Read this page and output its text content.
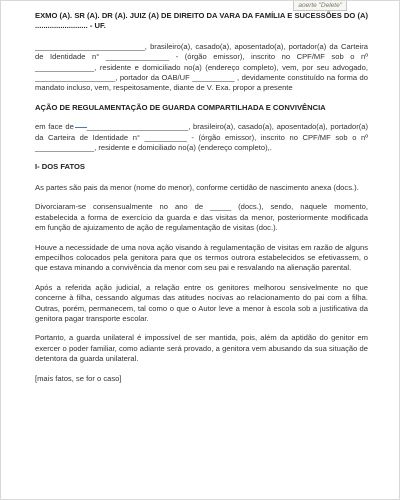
aoerte "Delete"

EXMO (A). SR (A). DR (A). JUIZ (A) DE DIREITO DA VARA DA FAMÍLIA E SUCESSÕES DO (A) ......................... - UF.

__________________________, brasileiro(a), casado(a), aposentado(a), portador(a) da Carteira de Identidade n° _______________ - (órgão emissor), inscrito no CPF/MF sob o nº ______________, residente e domiciliado no(a) (endereço completo), vem, por seu advogado, ___________________, portador da OAB/UF __________ , devidamente constituído na forma do mandato incluso, vem, respeitosamente, diante de V. Exa. propor a presente

AÇÃO DE REGULAMENTAÇÃO DE GUARDA COMPARTILHADA E CONVIVÊNCIA

em face de ________________________, brasileiro(a), casado(a), aposentado(a), portador(a) da Carteira de Identidade n° __________ - (órgão emissor), inscrito no CPF/MF sob o nº ______________, residente e domiciliado no(a) (endereço completo),.

I- DOS FATOS

As partes são pais da menor (nome do menor), conforme certidão de nascimento anexa (docs.).

Divorciaram-se consensualmente no ano de _____ (docs.), sendo, naquele momento, estabelecida a forma de exercício da guarda e das visitas da menor, posteriormente modificada em função de ajuizamento de ação de regulamentação de visitas (doc.).

Houve a necessidade de uma nova ação visando à regulamentação de visitas em razão de alguns empecilhos colocados pela genitora para que os termos outrora estabelecidos se efetivassem, o que estava minando a convivência da menor com seu pai e resvalando na alienação parental.

Após a referida ação judicial, a relação entre os genitores melhorou sensivelmente no que concerne à filha, cessando algumas das atitudes nocivas ao relacionamento do pai com a filha. Outras, porém, permanecem, tal como o que o Autor leve a menor à escola sob a justificativa da genitora pagar transporte escolar.

Portanto, a guarda unilateral é impossível de ser mantida, pois, além da aptidão do genitor em exercer o poder familiar, como adiante será provado, a genitora vem abusando da sua situação de detentora da guarda unilateral.

[mais fatos, se for o caso]
